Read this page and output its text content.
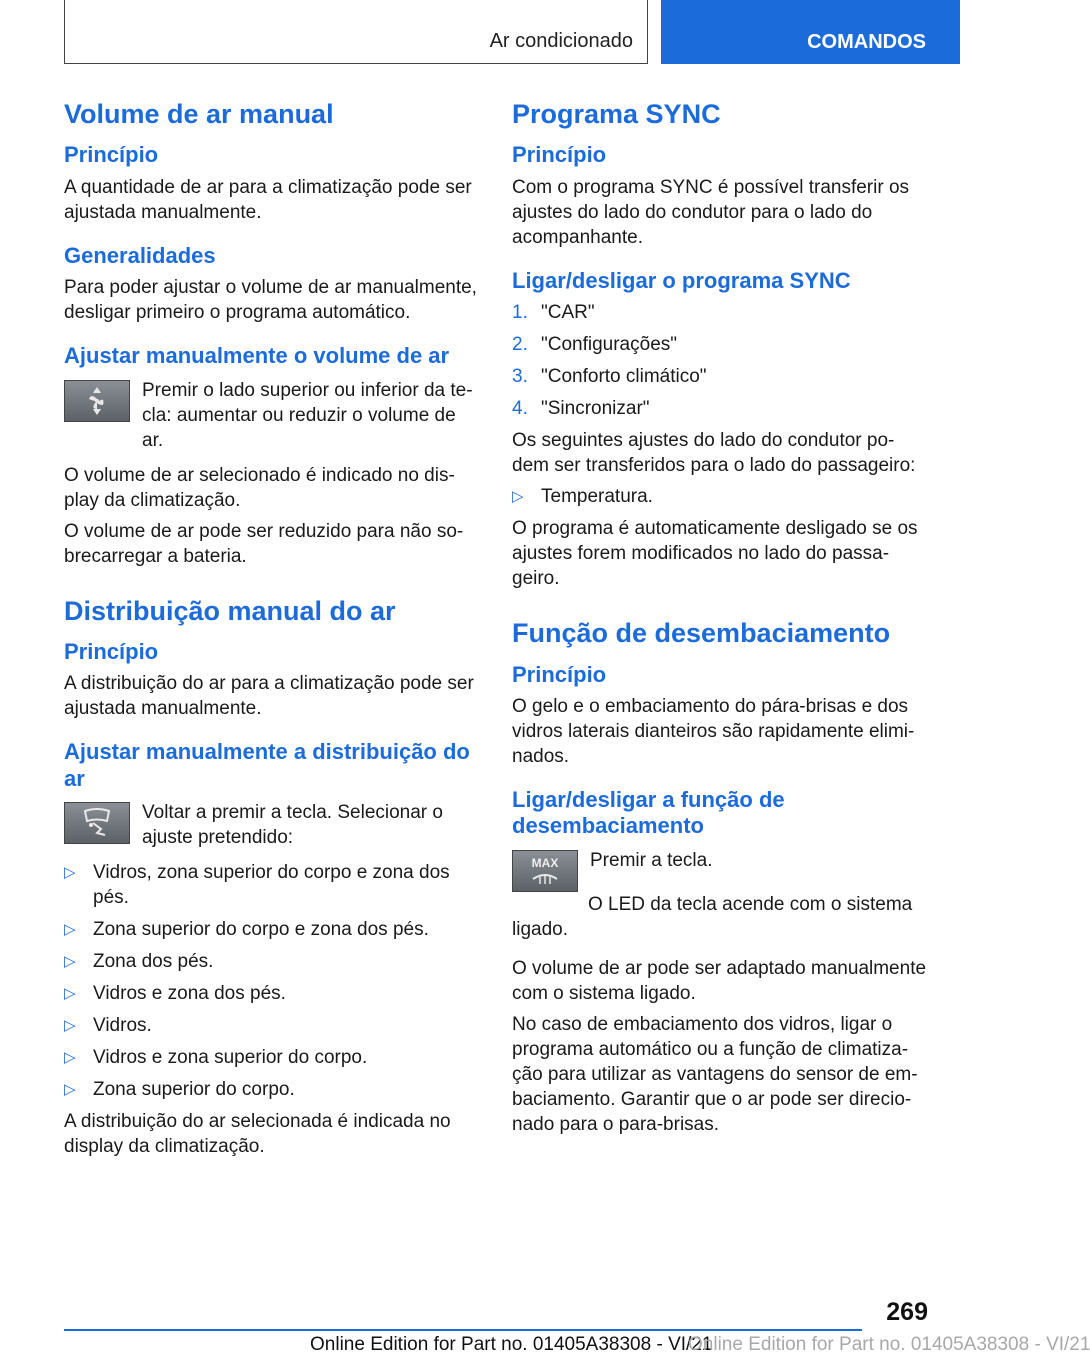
Ar condicionado	COMANDOS
Volume de ar manual
Princípio

A quantidade de ar para a climatização pode ser ajustada manualmente.

Generalidades

Para poder ajustar o volume de ar manualmente, desligar primeiro o programa automático.

Ajustar manualmente o volume de ar

Premir o lado superior ou inferior da te-cla: aumentar ou reduzir o volume de ar.

O volume de ar selecionado é indicado no dis-play da climatização.

O volume de ar pode ser reduzido para não so-brecarregar a bateria.

Distribuição manual do ar
Princípio

A distribuição do ar para a climatização pode ser ajustada manualmente.

Ajustar manualmente a distribuição do ar

Voltar a premir a tecla. Selecionar o ajuste pretendido:

▷ Vidros, zona superior do corpo e zona dos pés.
▷ Zona superior do corpo e zona dos pés.
▷ Zona dos pés.
▷ Vidros e zona dos pés.
▷ Vidros.
▷ Vidros e zona superior do corpo.
▷ Zona superior do corpo.

A distribuição do ar selecionada é indicada no display da climatização.

Programa SYNC
Princípio

Com o programa SYNC é possível transferir os ajustes do lado do condutor para o lado do acompanhante.

Ligar/desligar o programa SYNC
1. "CAR"
2. "Configurações"
3. "Conforto climático"
4. "Sincronizar"

Os seguintes ajustes do lado do condutor po-dem ser transferidos para o lado do passageiro:

▷ Temperatura.

O programa é automaticamente desligado se os ajustes forem modificados no lado do passa-geiro.

Função de desembaciamento
Princípio

O gelo e o embaciamento do pára-brisas e dos vidros laterais dianteiros são rapidamente elimi-nados.

Ligar/desligar a função de desembaciamento
MAX Premir a tecla.

O LED da tecla acende com o sistema ligado.

O volume de ar pode ser adaptado manualmente com o sistema ligado.

No caso de embaciamento dos vidros, ligar o programa automático ou a função de climatiza-ção para utilizar as vantagens do sensor de em-baciamento. Garantir que o ar pode ser direcio-nado para o para-brisas.

269
Online Edition for Part no. 01405A38308 - VI/21
Online Edition for Part no. 01405A38308 - VI/21
